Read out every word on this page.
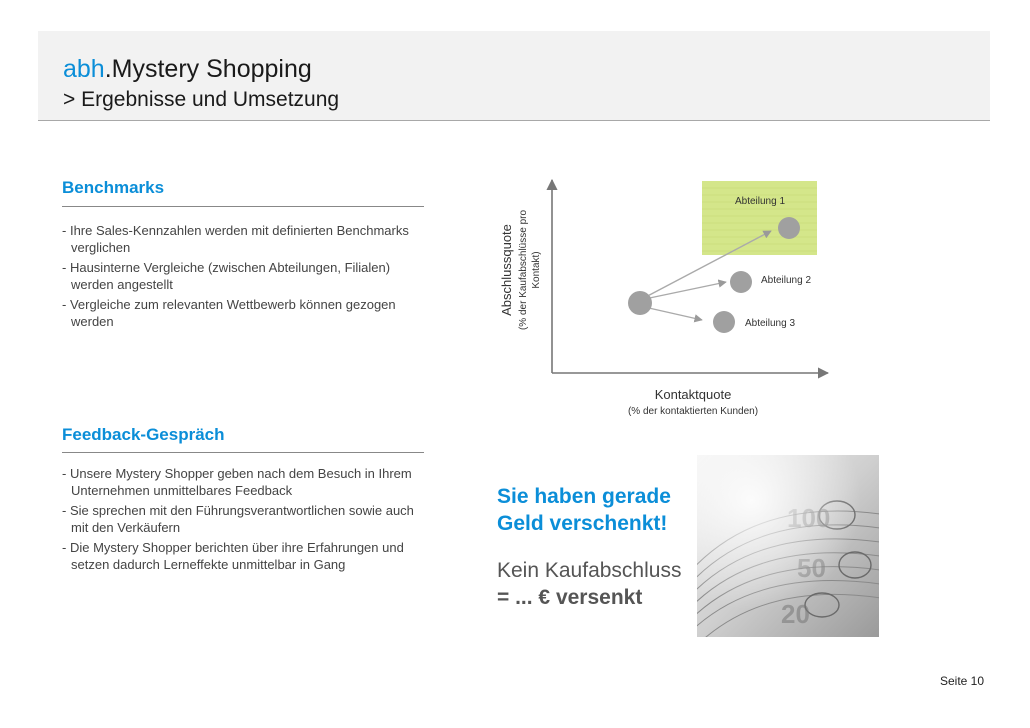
abh.Mystery Shopping
> Ergebnisse und Umsetzung
Benchmarks
- Ihre Sales-Kennzahlen werden mit definierten Benchmarks verglichen
- Hausinterne Vergleiche (zwischen Abteilungen, Filialen) werden angestellt
- Vergleiche zum relevanten Wettbewerb können gezogen werden
Feedback-Gespräch
- Unsere Mystery Shopper geben nach dem Besuch in Ihrem Unternehmen unmittelbares Feedback
- Sie sprechen mit den Führungsverantwortlichen sowie auch mit den Verkäufern
- Die Mystery Shopper berichten über ihre Erfahrungen und setzen dadurch Lerneffekte unmittelbar in Gang
Abteilung 1
Abteilung 2
Abteilung 3
Abschlussquote (% der Kaufabschlüsse pro Kontakt)
Kontaktquote
(% der kontaktierten Kunden)
Sie haben gerade
Geld verschenkt!
Kein Kaufabschluss
= ... € versenkt
Seite 10
